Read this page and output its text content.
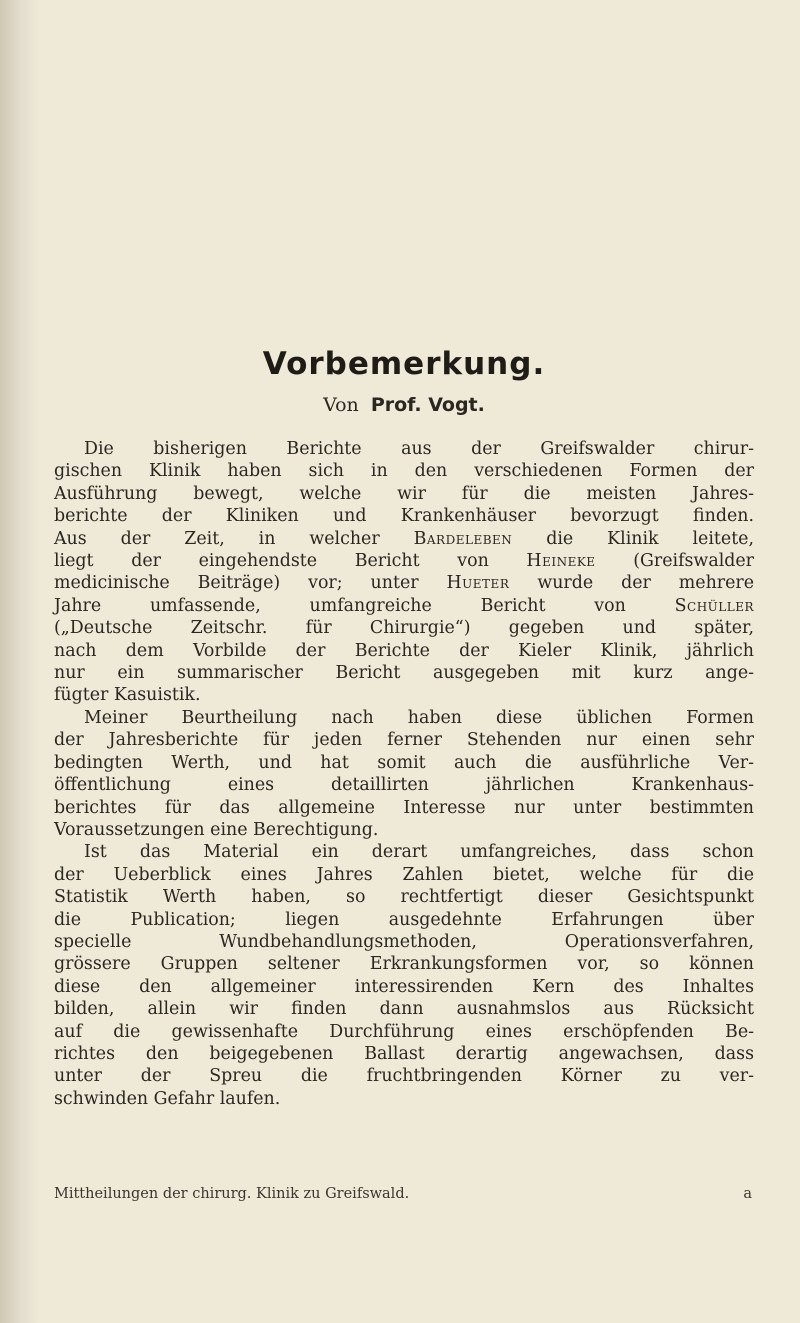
Vorbemerkung.
Von Prof. Vogt.
Die bisherigen Berichte aus der Greifswalder chirur-
gischen Klinik haben sich in den verschiedenen Formen der
Ausführung bewegt, welche wir für die meisten Jahres-
berichte der Kliniken und Krankenhäuser bevorzugt finden.
Aus der Zeit, in welcher Bardeleben die Klinik leitete,
liegt der eingehendste Bericht von Heineke (Greifswalder
medicinische Beiträge) vor; unter Hueter wurde der mehrere
Jahre umfassende, umfangreiche Bericht von Schüller
(„Deutsche Zeitschr. für Chirurgie“) gegeben und später,
nach dem Vorbilde der Berichte der Kieler Klinik, jährlich
nur ein summarischer Bericht ausgegeben mit kurz ange-
fügter Kasuistik.
Meiner Beurtheilung nach haben diese üblichen Formen
der Jahresberichte für jeden ferner Stehenden nur einen sehr
bedingten Werth, und hat somit auch die ausführliche Ver-
öffentlichung eines detaillirten jährlichen Krankenhaus-
berichtes für das allgemeine Interesse nur unter bestimmten
Voraussetzungen eine Berechtigung.
Ist das Material ein derart umfangreiches, dass schon
der Ueberblick eines Jahres Zahlen bietet, welche für die
Statistik Werth haben, so rechtfertigt dieser Gesichtspunkt
die Publication; liegen ausgedehnte Erfahrungen über
specielle Wundbehandlungsmethoden, Operationsverfahren,
grössere Gruppen seltener Erkrankungsformen vor, so können
diese den allgemeiner interessirenden Kern des Inhaltes
bilden, allein wir finden dann ausnahmslos aus Rücksicht
auf die gewissenhafte Durchführung eines erschöpfenden Be-
richtes den beigegebenen Ballast derartig angewachsen, dass
unter der Spreu die fruchtbringenden Körner zu ver-
schwinden Gefahr laufen.
Mittheilungen der chirurg. Klinik zu Greifswald.	a
